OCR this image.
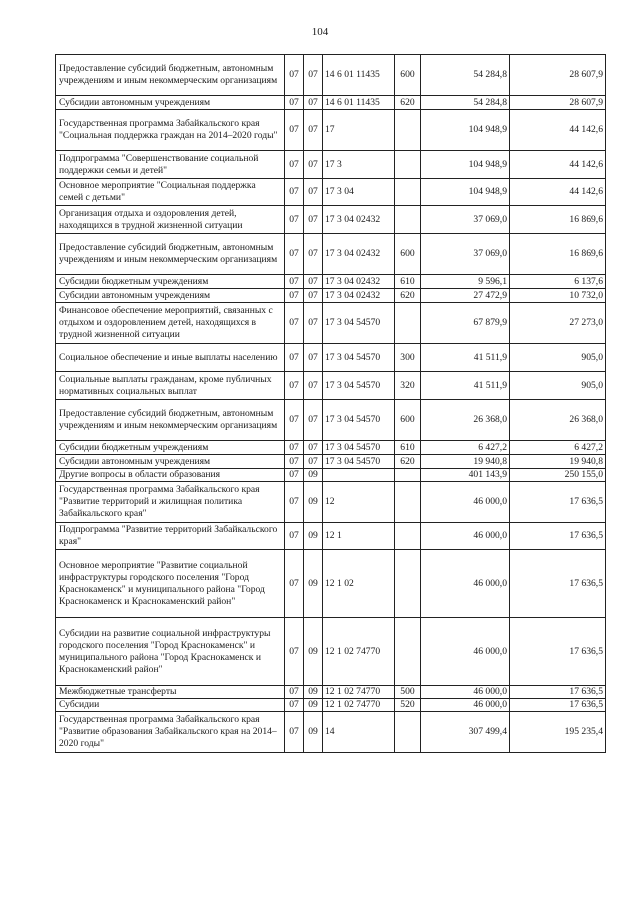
104
Предоставление субсидий бюджетным, автономным учреждениям и иным некоммерческим организациям	07	07	14 6 01 11435	600	54 284,8	28 607,9
Субсидии автономным учреждениям	07	07	14 6 01 11435	620	54 284,8	28 607,9
Государственная программа Забайкальского края "Социальная поддержка граждан на 2014–2020 годы"	07	07	17		104 948,9	44 142,6
Подпрограмма "Совершенствование социальной поддержки семьи и детей"	07	07	17 3		104 948,9	44 142,6
Основное мероприятие "Социальная поддержка семей с детьми"	07	07	17 3 04		104 948,9	44 142,6
Организация отдыха и оздоровления детей, находящихся в трудной жизненной ситуации	07	07	17 3 04 02432		37 069,0	16 869,6
Предоставление субсидий бюджетным, автономным учреждениям и иным некоммерческим организациям	07	07	17 3 04 02432	600	37 069,0	16 869,6
Субсидии бюджетным учреждениям	07	07	17 3 04 02432	610	9 596,1	6 137,6
Субсидии автономным учреждениям	07	07	17 3 04 02432	620	27 472,9	10 732,0
Финансовое обеспечение мероприятий, связанных с отдыхом и оздоровлением детей, находящихся в трудной жизненной ситуации	07	07	17 3 04 54570		67 879,9	27 273,0
Социальное обеспечение и иные выплаты населению	07	07	17 3 04 54570	300	41 511,9	905,0
Социальные выплаты гражданам, кроме публичных нормативных социальных выплат	07	07	17 3 04 54570	320	41 511,9	905,0
Предоставление субсидий бюджетным, автономным учреждениям и иным некоммерческим организациям	07	07	17 3 04 54570	600	26 368,0	26 368,0
Субсидии бюджетным учреждениям	07	07	17 3 04 54570	610	6 427,2	6 427,2
Субсидии автономным учреждениям	07	07	17 3 04 54570	620	19 940,8	19 940,8
Другие вопросы в области образования	07	09			401 143,9	250 155,0
Государственная программа Забайкальского края "Развитие территорий и жилищная политика Забайкальского края"	07	09	12		46 000,0	17 636,5
Подпрограмма "Развитие территорий Забайкальского края"	07	09	12 1		46 000,0	17 636,5
Основное мероприятие "Развитие социальной инфраструктуры городского поселения "Город Краснокаменск" и муниципального района "Город Краснокаменск и Краснокаменский район"	07	09	12 1 02		46 000,0	17 636,5
Субсидии на развитие социальной инфраструктуры городского поселения "Город Краснокаменск" и муниципального района "Город Краснокаменск и Краснокаменский район"	07	09	12 1 02 74770		46 000,0	17 636,5
Межбюджетные трансферты	07	09	12 1 02 74770	500	46 000,0	17 636,5
Субсидии	07	09	12 1 02 74770	520	46 000,0	17 636,5
Государственная программа Забайкальского края "Развитие образования Забайкальского края на 2014–2020 годы"	07	09	14		307 499,4	195 235,4
